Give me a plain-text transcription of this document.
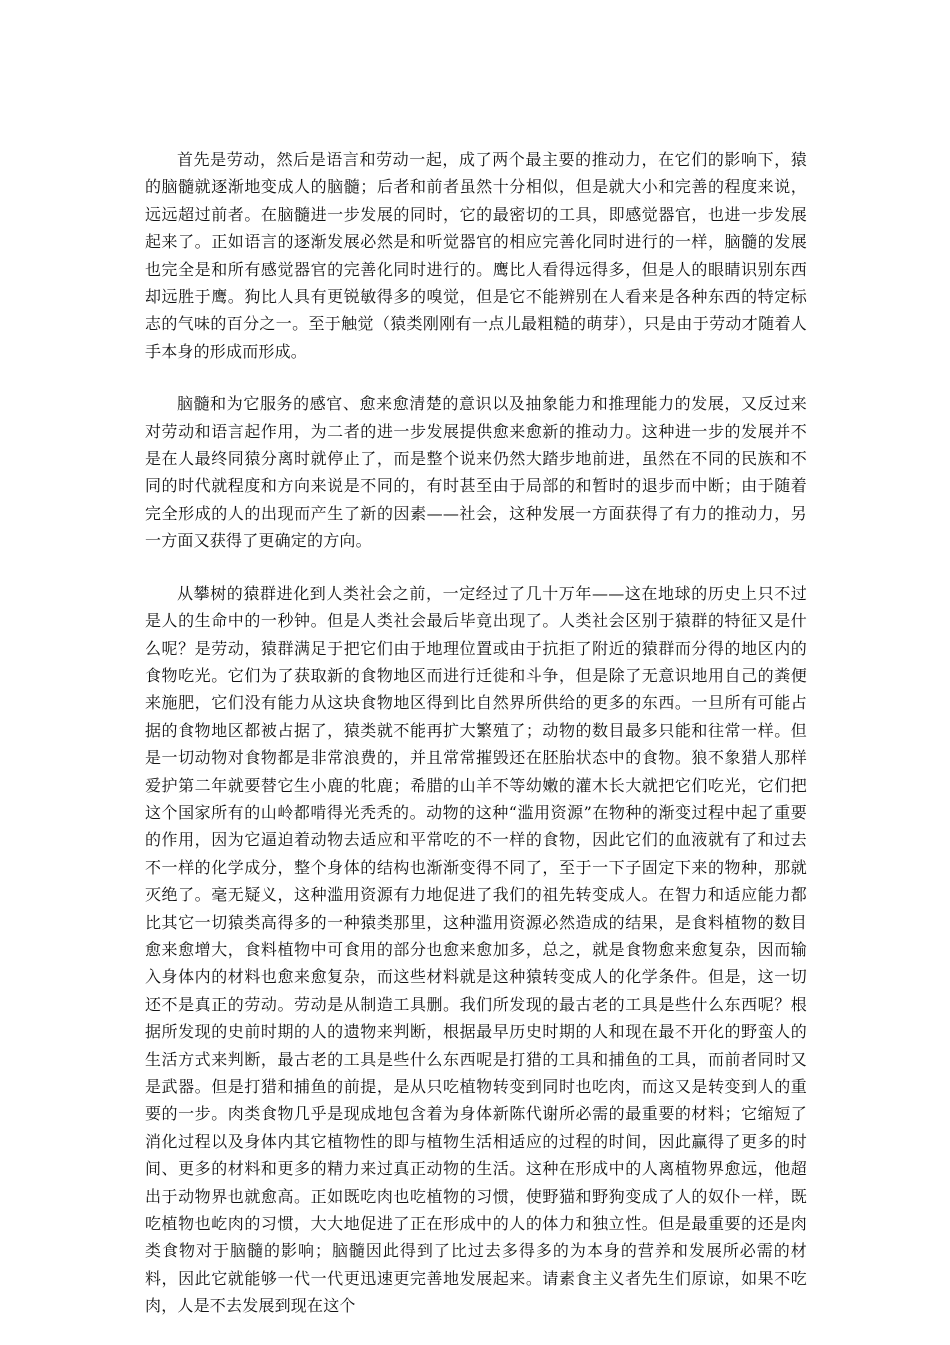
首先是劳动，然后是语言和劳动一起，成了两个最主要的推动力，在它们的影响下，猿的脑髓就逐渐地变成人的脑髓；后者和前者虽然十分相似，但是就大小和完善的程度来说，远远超过前者。在脑髓进一步发展的同时，它的最密切的工具，即感觉器官，也进一步发展起来了。正如语言的逐渐发展必然是和听觉器官的相应完善化同时进行的一样，脑髓的发展也完全是和所有感觉器官的完善化同时进行的。鹰比人看得远得多，但是人的眼睛识别东西却远胜于鹰。狗比人具有更锐敏得多的嗅觉，但是它不能辨别在人看来是各种东西的特定标志的气味的百分之一。至于触觉（猿类刚刚有一点儿最粗糙的萌芽），只是由于劳动才随着人手本身的形成而形成。

脑髓和为它服务的感官、愈来愈清楚的意识以及抽象能力和推理能力的发展，又反过来对劳动和语言起作用，为二者的进一步发展提供愈来愈新的推动力。这种进一步的发展并不是在人最终同猿分离时就停止了，而是整个说来仍然大踏步地前进，虽然在不同的民族和不同的时代就程度和方向来说是不同的，有时甚至由于局部的和暂时的退步而中断；由于随着完全形成的人的出现而产生了新的因素——社会，这种发展一方面获得了有力的推动力，另一方面又获得了更确定的方向。

从攀树的猿群进化到人类社会之前，一定经过了几十万年——这在地球的历史上只不过是人的生命中的一秒钟。但是人类社会最后毕竟出现了。人类社会区别于猿群的特征又是什么呢？是劳动，猿群满足于把它们由于地理位置或由于抗拒了附近的猿群而分得的地区内的食物吃光。它们为了获取新的食物地区而进行迁徙和斗争，但是除了无意识地用自己的粪便来施肥，它们没有能力从这块食物地区得到比自然界所供给的更多的东西。一旦所有可能占据的食物地区都被占据了，猿类就不能再扩大繁殖了；动物的数目最多只能和往常一样。但是一切动物对食物都是非常浪费的，并且常常摧毁还在胚胎状态中的食物。狼不象猎人那样爱护第二年就要替它生小鹿的牝鹿；希腊的山羊不等幼嫩的灌木长大就把它们吃光，它们把这个国家所有的山岭都啃得光秃秃的。动物的这种“滥用资源”在物种的渐变过程中起了重要的作用，因为它逼迫着动物去适应和平常吃的不一样的食物，因此它们的血液就有了和过去不一样的化学成分，整个身体的结构也渐渐变得不同了，至于一下子固定下来的物种，那就灭绝了。毫无疑义，这种滥用资源有力地促进了我们的祖先转变成人。在智力和适应能力都比其它一切猿类高得多的一种猿类那里，这种滥用资源必然造成的结果，是食料植物的数目愈来愈增大，食料植物中可食用的部分也愈来愈加多，总之，就是食物愈来愈复杂，因而输入身体内的材料也愈来愈复杂，而这些材料就是这种猿转变成人的化学条件。但是，这一切还不是真正的劳动。劳动是从制造工具删。我们所发现的最古老的工具是些什么东西呢？根据所发现的史前时期的人的遗物来判断，根据最早历史时期的人和现在最不开化的野蛮人的生活方式来判断，最古老的工具是些什么东西呢是打猎的工具和捕鱼的工具，而前者同时又是武器。但是打猎和捕鱼的前提，是从只吃植物转变到同时也吃肉，而这又是转变到人的重要的一步。肉类食物几乎是现成地包含着为身体新陈代谢所必需的最重要的材料；它缩短了消化过程以及身体内其它植物性的即与植物生活相适应的过程的时间，因此赢得了更多的时间、更多的材料和更多的精力来过真正动物的生活。这种在形成中的人离植物界愈远，他超出于动物界也就愈高。正如既吃肉也吃植物的习惯，使野猫和野狗变成了人的奴仆一样，既吃植物也屹肉的习惯，大大地促进了正在形成中的人的体力和独立性。但是最重要的还是肉类食物对于脑髓的影响；脑髓因此得到了比过去多得多的为本身的营养和发展所必需的材料，因此它就能够一代一代更迅速更完善地发展起来。请素食主义者先生们原谅，如果不吃肉，人是不去发展到现在这个
